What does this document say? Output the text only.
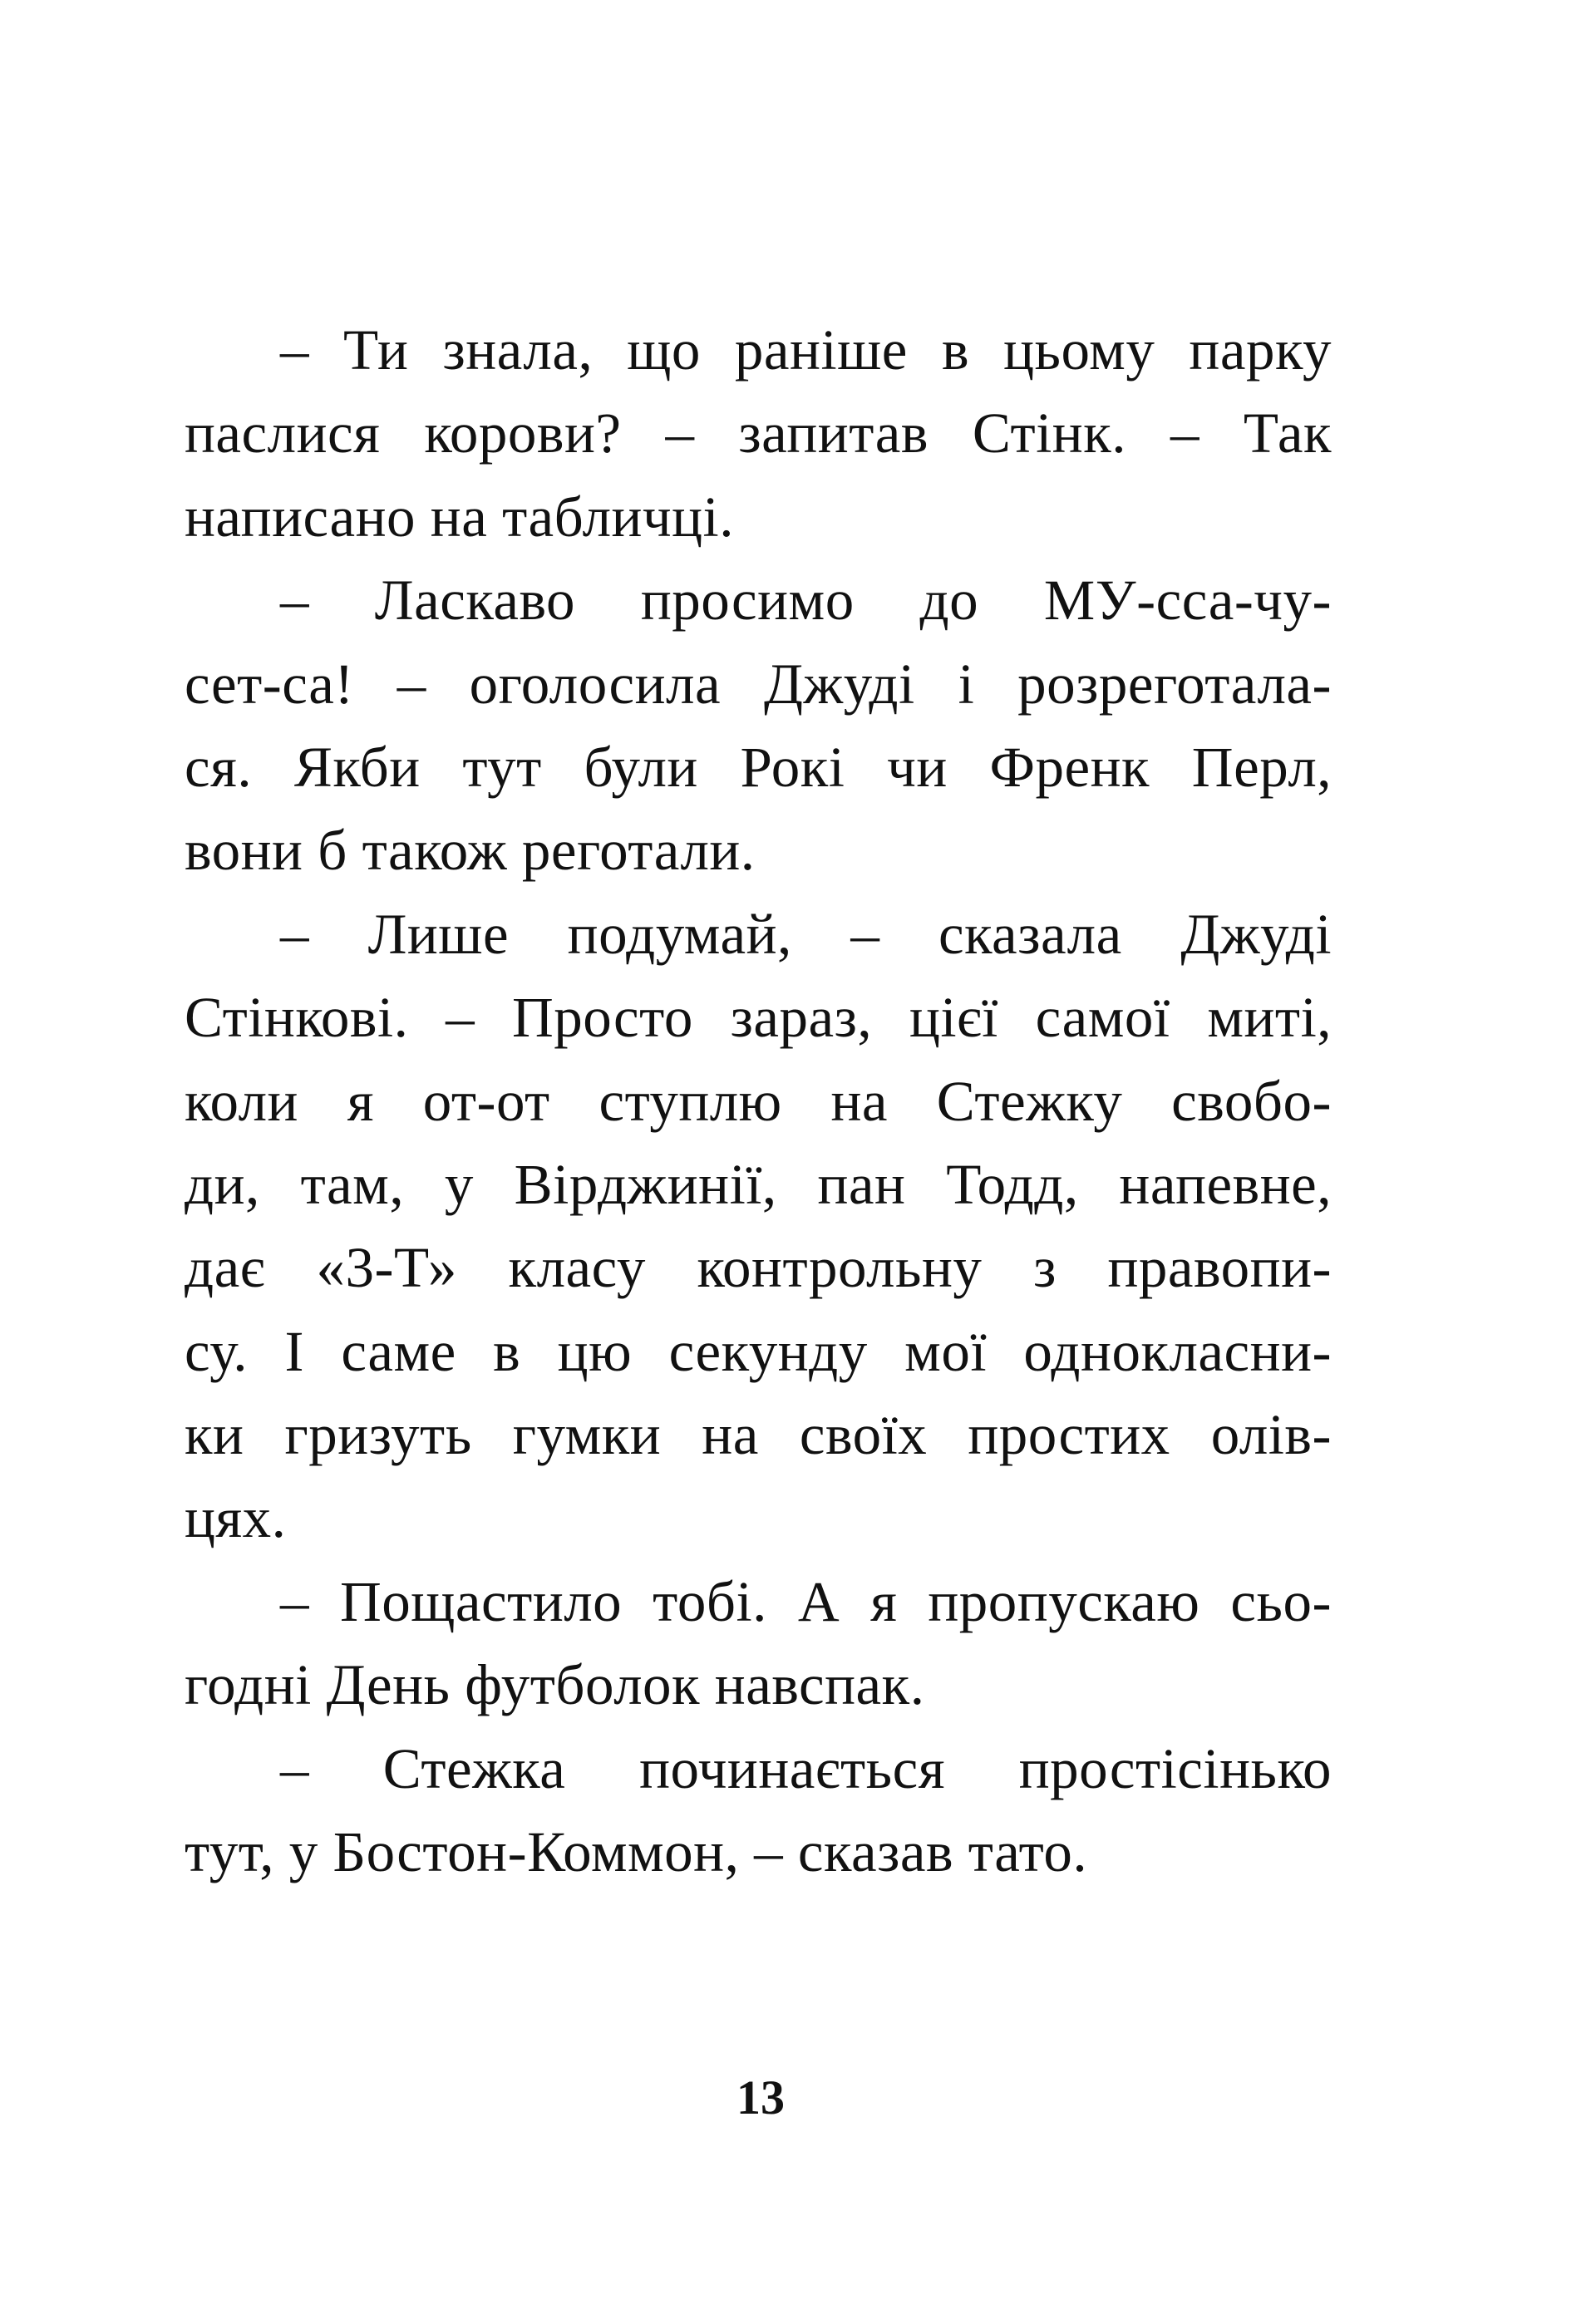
– Ти знала, що раніше в цьому парку
паслися корови? – запитав Стінк. – Так
написано на табличці.
– Ласкаво просимо до МУ-сса-чу-
сет-са! – оголосила Джуді і розреготала-
ся. Якби тут були Рокі чи Френк Перл,
вони б також реготали.
– Лише подумай, – сказала Джуді
Стінкові. – Просто зараз, цієї самої миті,
коли я от-от ступлю на Стежку свобо-
ди, там, у Вірджинії, пан Тодд, напевне,
дає «3-Т» класу контрольну з правопи-
су. І саме в цю секунду мої однокласни-
ки гризуть гумки на своїх простих олів-
цях.
– Пощастило тобі. А я пропускаю сьо-
годні День футболок навспак.
– Стежка починається простісінько
тут, у Бостон-Коммон, – сказав тато.
13
